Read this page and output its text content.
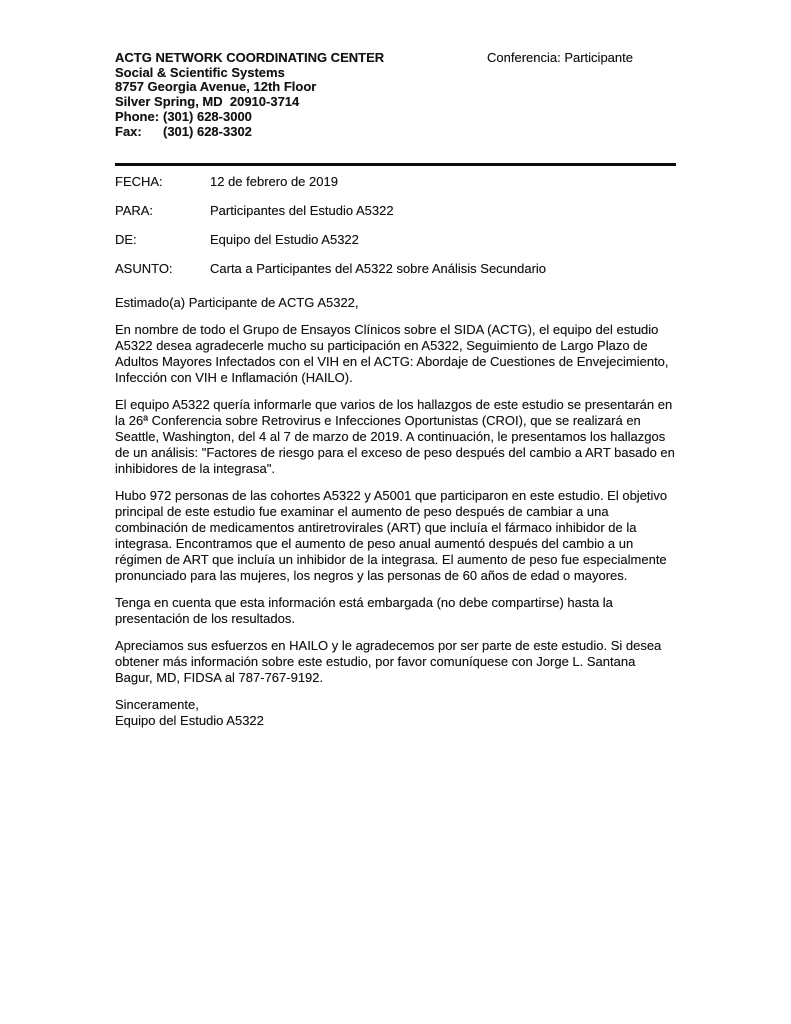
ACTG NETWORK COORDINATING CENTER	Conferencia: Participante
Social & Scientific Systems
8757 Georgia Avenue, 12th Floor
Silver Spring, MD  20910-3714
Phone: (301) 628-3000
Fax:	(301) 628-3302
FECHA:	12 de febrero de 2019
PARA:	Participantes del Estudio A5322
DE:	Equipo del Estudio A5322
ASUNTO:	Carta a Participantes del A5322 sobre Análisis Secundario
Estimado(a) Participante de ACTG A5322,
En nombre de todo el Grupo de Ensayos Clínicos sobre el SIDA (ACTG), el equipo del estudio
A5322 desea agradecerle mucho su participación en A5322, Seguimiento de Largo Plazo de
Adultos Mayores Infectados con el VIH en el ACTG: Abordaje de Cuestiones de Envejecimiento,
Infección con VIH e Inflamación (HAILO).
El equipo A5322 quería informarle que varios de los hallazgos de este estudio se presentarán en
la 26ª Conferencia sobre Retrovirus e Infecciones Oportunistas (CROI), que se realizará en
Seattle, Washington, del 4 al 7 de marzo de 2019. A continuación, le presentamos los hallazgos
de un análisis: "Factores de riesgo para el exceso de peso después del cambio a ART basado en
inhibidores de la integrasa".
Hubo 972 personas de las cohortes A5322 y A5001 que participaron en este estudio. El objetivo
principal de este estudio fue examinar el aumento de peso después de cambiar a una
combinación de medicamentos antiretrovirales (ART) que incluía el fármaco inhibidor de la
integrasa. Encontramos que el aumento de peso anual aumentó después del cambio a un
régimen de ART que incluía un inhibidor de la integrasa. El aumento de peso fue especialmente
pronunciado para las mujeres, los negros y las personas de 60 años de edad o mayores.
Tenga en cuenta que esta información está embargada (no debe compartirse) hasta la
presentación de los resultados.
Apreciamos sus esfuerzos en HAILO y le agradecemos por ser parte de este estudio. Si desea
obtener más información sobre este estudio, por favor comuníquese con Jorge L. Santana
Bagur, MD, FIDSA al 787-767-9192.
Sinceramente,
Equipo del Estudio A5322
